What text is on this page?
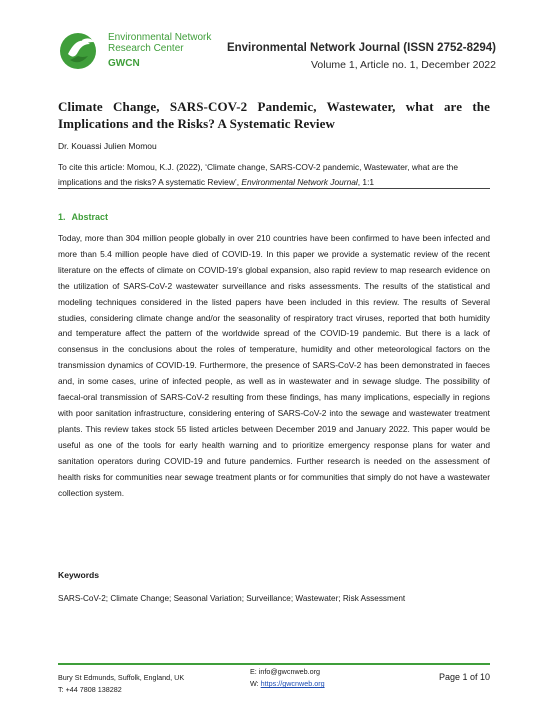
Environmental Network
Research Center
GWCN
Environmental Network Journal (ISSN 2752-8294)
Volume 1, Article no. 1, December 2022
Climate Change, SARS-COV-2 Pandemic, Wastewater, what are the Implications and the Risks? A Systematic Review
Dr. Kouassi Julien Momou
To cite this article: Momou, K.J. (2022), ‘Climate change, SARS-COV-2 pandemic, Wastewater, what are the implications and the risks? A systematic Review’, Environmental Network Journal, 1:1
1. Abstract
Today, more than 304 million people globally in over 210 countries have been confirmed to have been infected and more than 5.4 million people have died of COVID-19. In this paper we provide a systematic review of the recent literature on the effects of climate on COVID-19’s global expansion, also rapid review to map research evidence on the utilization of SARS-CoV-2 wastewater surveillance and risks assessments. The results of the statistical and modeling techniques considered in the listed papers have been included in this review. The results of Several studies, considering climate change and/or the seasonality of respiratory tract viruses, reported that both humidity and temperature affect the pattern of the worldwide spread of the COVID-19 pandemic. But there is a lack of consensus in the conclusions about the roles of temperature, humidity and other meteorological factors on the transmission dynamics of COVID-19. Furthermore, the presence of SARS-CoV-2 has been demonstrated in faeces and, in some cases, urine of infected people, as well as in wastewater and in sewage sludge. The possibility of faecal-oral transmission of SARS-CoV-2 resulting from these findings, has many implications, especially in regions with poor sanitation infrastructure, considering entering of SARS-CoV-2 into the sewage and wastewater treatment plants. This review takes stock 55 listed articles between December 2019 and January 2022. This paper would be useful as one of the tools for early health warning and to prioritize emergency response plans for water and sanitation operators during COVID-19 and future pandemics. Further research is needed on the assessment of health risks for communities near sewage treatment plants or for communities that simply do not have a wastewater collection system.
Keywords
SARS-CoV-2; Climate Change; Seasonal Variation; Surveillance; Wastewater; Risk Assessment
Bury St Edmunds, Suffolk, England, UK
T: +44 7808 138282
E: info@gwcnweb.org
W: https://gwcnweb.org
Page 1 of 10
